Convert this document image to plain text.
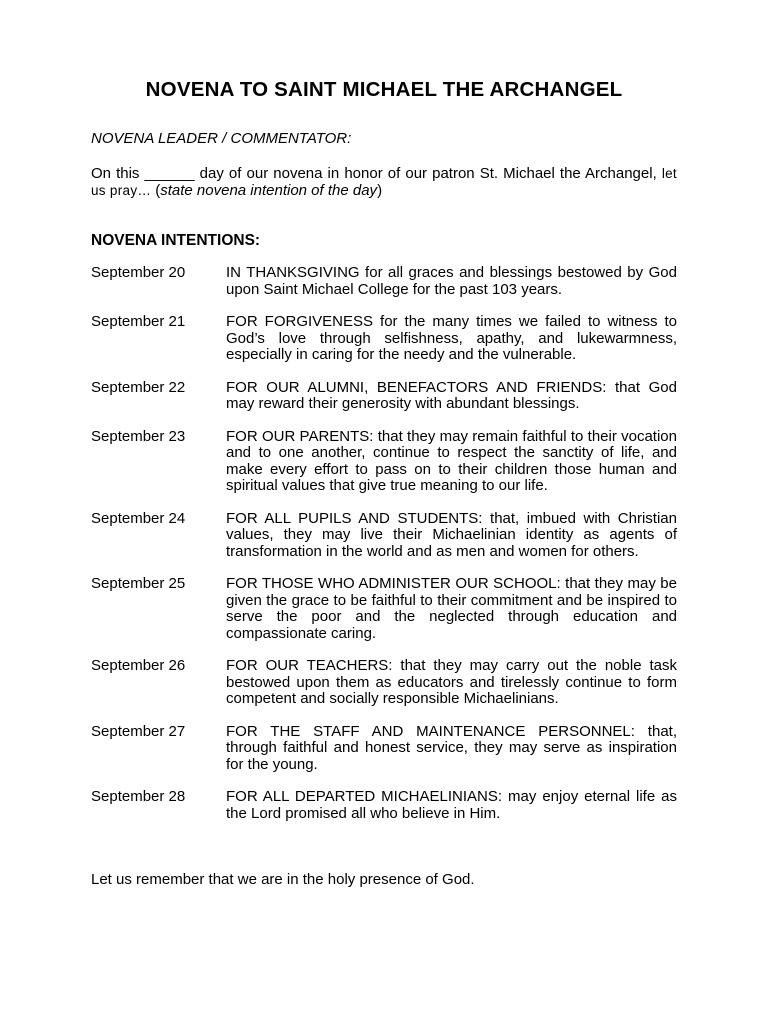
NOVENA TO SAINT MICHAEL THE ARCHANGEL
NOVENA LEADER / COMMENTATOR:
On this ______ day of our novena in honor of our patron St. Michael the Archangel, let us pray… (state novena intention of the day)
NOVENA INTENTIONS:
September 20	IN THANKSGIVING for all graces and blessings bestowed by God upon Saint Michael College for the past 103 years.
September 21	FOR FORGIVENESS for the many times we failed to witness to God’s love through selfishness, apathy, and lukewarmness, especially in caring for the needy and the vulnerable.
September 22	FOR OUR ALUMNI, BENEFACTORS AND FRIENDS: that God may reward their generosity with abundant blessings.
September 23	FOR OUR PARENTS: that they may remain faithful to their vocation and to one another, continue to respect the sanctity of life, and make every effort to pass on to their children those human and spiritual values that give true meaning to our life.
September 24	FOR ALL PUPILS AND STUDENTS: that, imbued with Christian values, they may live their Michaelinian identity as agents of transformation in the world and as men and women for others.
September 25	FOR THOSE WHO ADMINISTER OUR SCHOOL: that they may be given the grace to be faithful to their commitment and be inspired to serve the poor and the neglected through education and compassionate caring.
September 26	FOR OUR TEACHERS: that they may carry out the noble task bestowed upon them as educators and tirelessly continue to form competent and socially responsible Michaelinians.
September 27	FOR THE STAFF AND MAINTENANCE PERSONNEL: that, through faithful and honest service, they may serve as inspiration for the young.
September 28	FOR ALL DEPARTED MICHAELINIANS: may enjoy eternal life as the Lord promised all who believe in Him.
Let us remember that we are in the holy presence of God.
